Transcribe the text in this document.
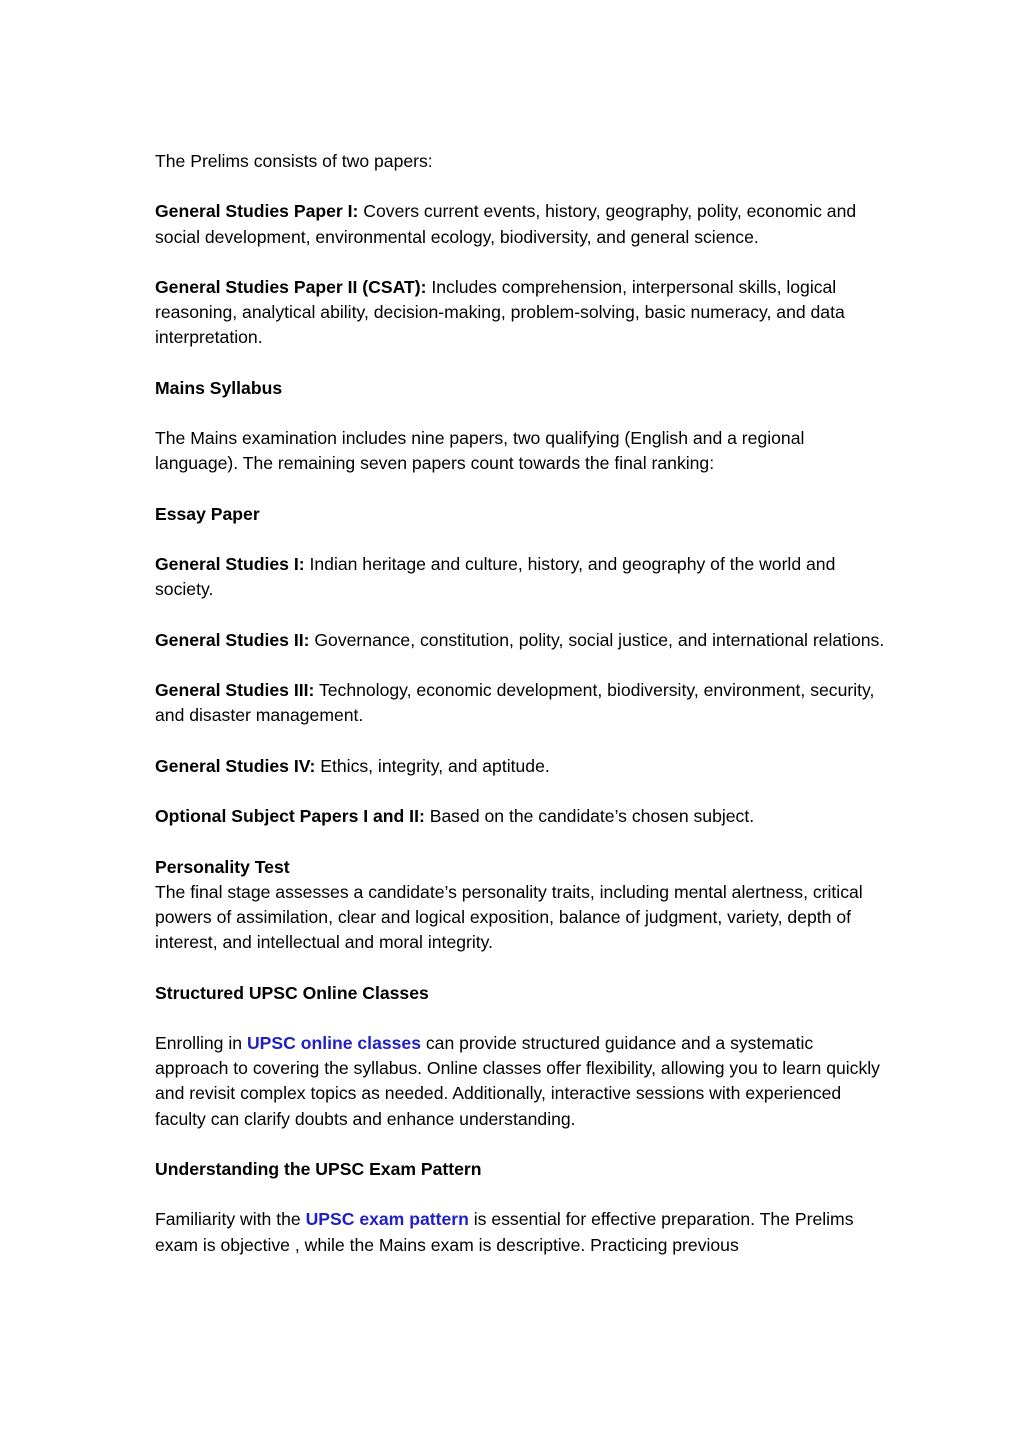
The Prelims consists of two papers:

General Studies Paper I: Covers current events, history, geography, polity, economic and social development, environmental ecology, biodiversity, and general science.

General Studies Paper II (CSAT): Includes comprehension, interpersonal skills, logical reasoning, analytical ability, decision-making, problem-solving, basic numeracy, and data interpretation.

Mains Syllabus

The Mains examination includes nine papers, two qualifying (English and a regional language). The remaining seven papers count towards the final ranking:

Essay Paper

General Studies I: Indian heritage and culture, history, and geography of the world and society.

General Studies II: Governance, constitution, polity, social justice, and international relations.

General Studies III: Technology, economic development, biodiversity, environment, security, and disaster management.

General Studies IV: Ethics, integrity, and aptitude.

Optional Subject Papers I and II: Based on the candidate’s chosen subject.

Personality Test

The final stage assesses a candidate’s personality traits, including mental alertness, critical powers of assimilation, clear and logical exposition, balance of judgment, variety, depth of interest, and intellectual and moral integrity.

Structured UPSC Online Classes

Enrolling in UPSC online classes can provide structured guidance and a systematic approach to covering the syllabus. Online classes offer flexibility, allowing you to learn quickly and revisit complex topics as needed. Additionally, interactive sessions with experienced faculty can clarify doubts and enhance understanding.

Understanding the UPSC Exam Pattern

Familiarity with the UPSC exam pattern is essential for effective preparation. The Prelims exam is objective , while the Mains exam is descriptive. Practicing previous
